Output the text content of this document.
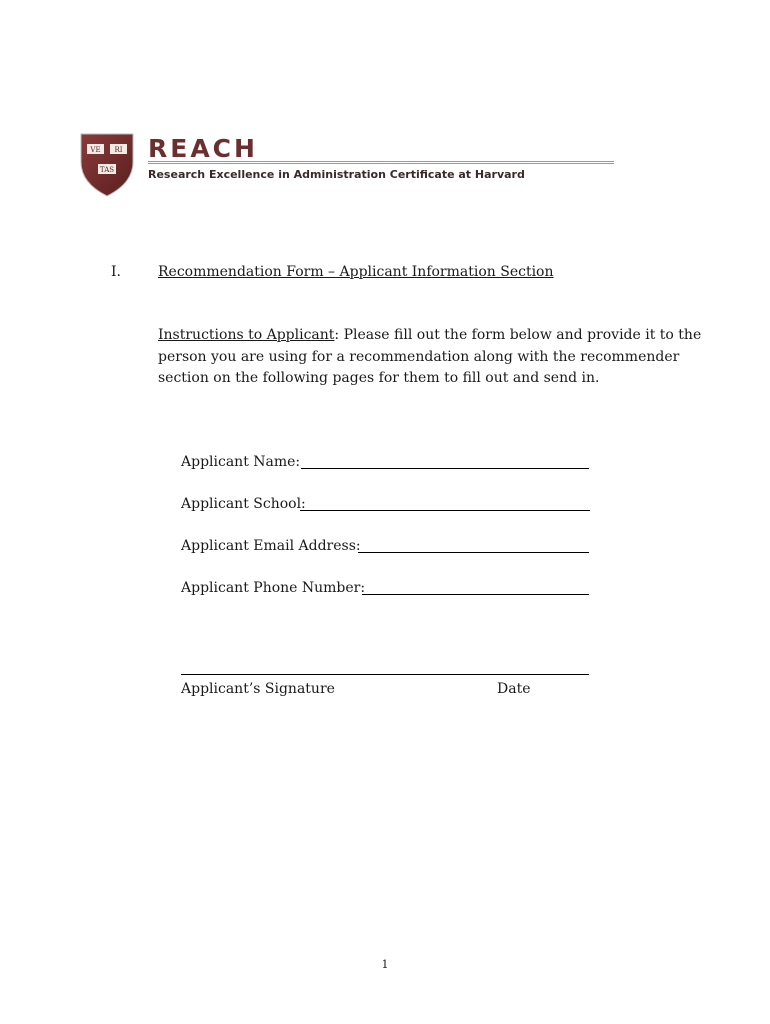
VE RI
TAS
REACH
Research Excellence in Administration Certificate at Harvard
I.	Recommendation Form – Applicant Information Section
Instructions to Applicant: Please fill out the form below and provide it to the person you are using for a recommendation along with the recommender section on the following pages for them to fill out and send in.
Applicant Name:
Applicant School:
Applicant Email Address:
Applicant Phone Number:
Applicant’s Signature	Date
1
